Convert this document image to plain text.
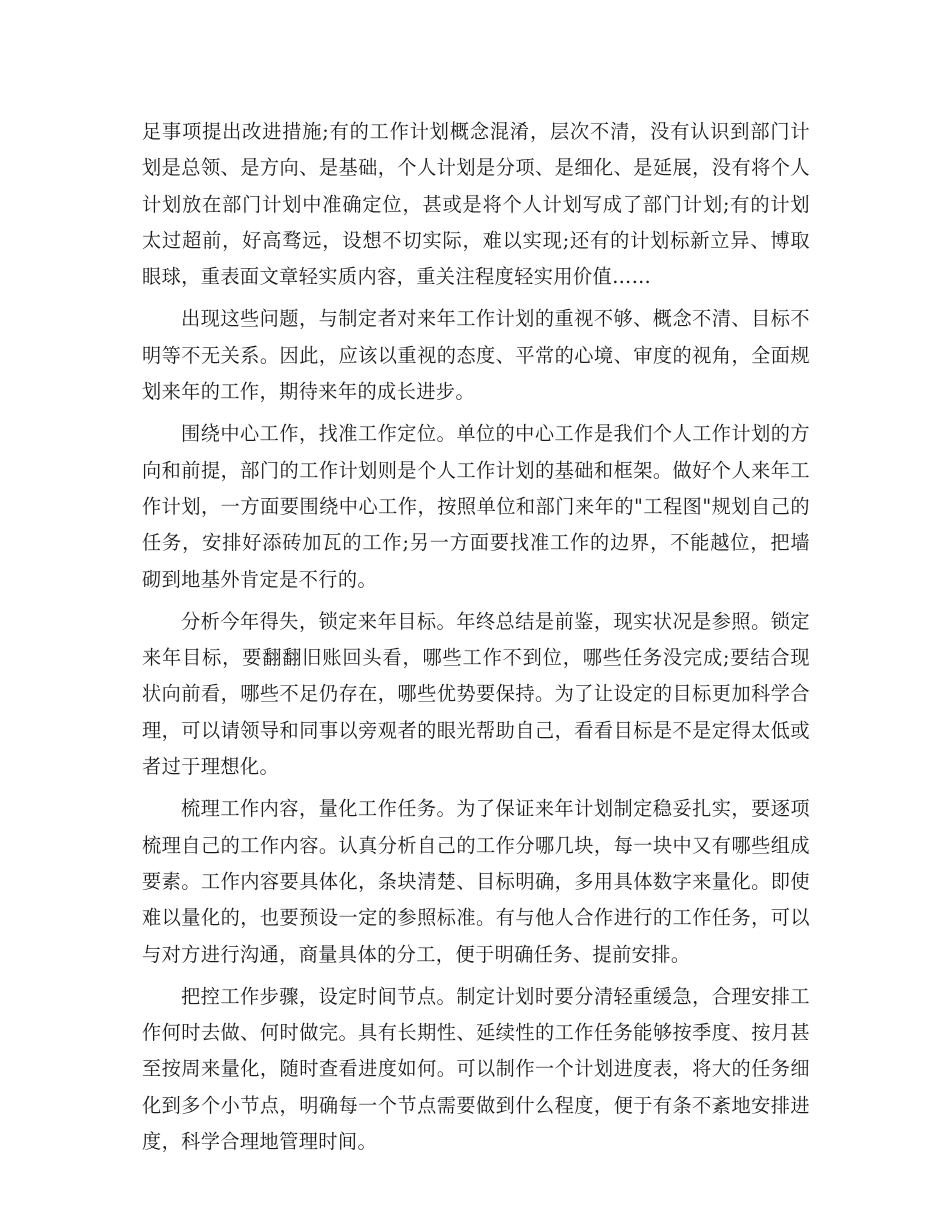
足事项提出改进措施;有的工作计划概念混淆，层次不清，没有认识到部门计划是总领、是方向、是基础，个人计划是分项、是细化、是延展，没有将个人计划放在部门计划中准确定位，甚或是将个人计划写成了部门计划;有的计划太过超前，好高骛远，设想不切实际，难以实现;还有的计划标新立异、博取眼球，重表面文章轻实质内容，重关注程度轻实用价值……

出现这些问题，与制定者对来年工作计划的重视不够、概念不清、目标不明等不无关系。因此，应该以重视的态度、平常的心境、审度的视角，全面规划来年的工作，期待来年的成长进步。

围绕中心工作，找准工作定位。单位的中心工作是我们个人工作计划的方向和前提，部门的工作计划则是个人工作计划的基础和框架。做好个人来年工作计划，一方面要围绕中心工作，按照单位和部门来年的"工程图"规划自己的任务，安排好添砖加瓦的工作;另一方面要找准工作的边界，不能越位，把墙砌到地基外肯定是不行的。

分析今年得失，锁定来年目标。年终总结是前鉴，现实状况是参照。锁定来年目标，要翻翻旧账回头看，哪些工作不到位，哪些任务没完成;要结合现状向前看，哪些不足仍存在，哪些优势要保持。为了让设定的目标更加科学合理，可以请领导和同事以旁观者的眼光帮助自己，看看目标是不是定得太低或者过于理想化。

梳理工作内容，量化工作任务。为了保证来年计划制定稳妥扎实，要逐项梳理自己的工作内容。认真分析自己的工作分哪几块，每一块中又有哪些组成要素。工作内容要具体化，条块清楚、目标明确，多用具体数字来量化。即使难以量化的，也要预设一定的参照标准。有与他人合作进行的工作任务，可以与对方进行沟通，商量具体的分工，便于明确任务、提前安排。

把控工作步骤，设定时间节点。制定计划时要分清轻重缓急，合理安排工作何时去做、何时做完。具有长期性、延续性的工作任务能够按季度、按月甚至按周来量化，随时查看进度如何。可以制作一个计划进度表，将大的任务细化到多个小节点，明确每一个节点需要做到什么程度，便于有条不紊地安排进度，科学合理地管理时间。
